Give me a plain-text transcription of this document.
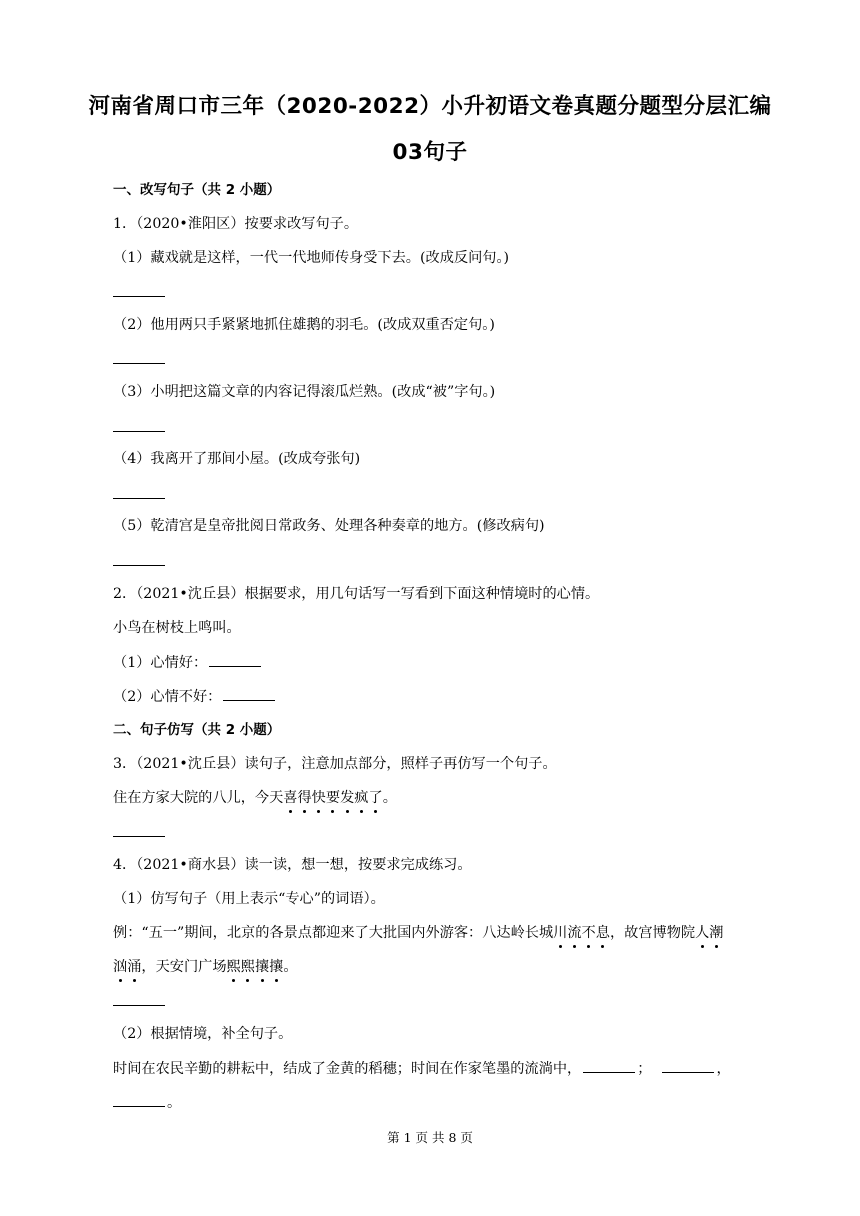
河南省周口市三年（2020-2022）小升初语文卷真题分题型分层汇编
03句子
一、改写句子（共 2 小题）
1．（2020•淮阳区）按要求改写句子。
（1）藏戏就是这样，一代一代地师传身受下去。(改成反问句。)
（2）他用两只手紧紧地抓住雄鹅的羽毛。(改成双重否定句。)
（3）小明把这篇文章的内容记得滚瓜烂熟。(改成“被”字句。)
（4）我离开了那间小屋。(改成夸张句)
（5）乾清宫是皇帝批阅日常政务、处理各种奏章的地方。(修改病句)
2．（2021•沈丘县）根据要求，用几句话写一写看到下面这种情境时的心情。
小鸟在树枝上鸣叫。
（1）心情好：
（2）心情不好：
二、句子仿写（共 2 小题）
3．（2021•沈丘县）读句子，注意加点部分，照样子再仿写一个句子。
住在方家大院的八儿，今天喜得快要发疯了。
4．（2021•商水县）读一读，想一想，按要求完成练习。
（1）仿写句子（用上表示“专心”的词语）。
例：“五一”期间，北京的各景点都迎来了大批国内外游客：八达岭长城川流不息，故宫博物院人潮
汹涌，天安门广场熙熙攘攘。
（2）根据情境，补全句子。
时间在农民辛勤的耕耘中，结成了金黄的稻穗；时间在作家笔墨的流淌中，	；	，
。
第 1 页 共 8 页
